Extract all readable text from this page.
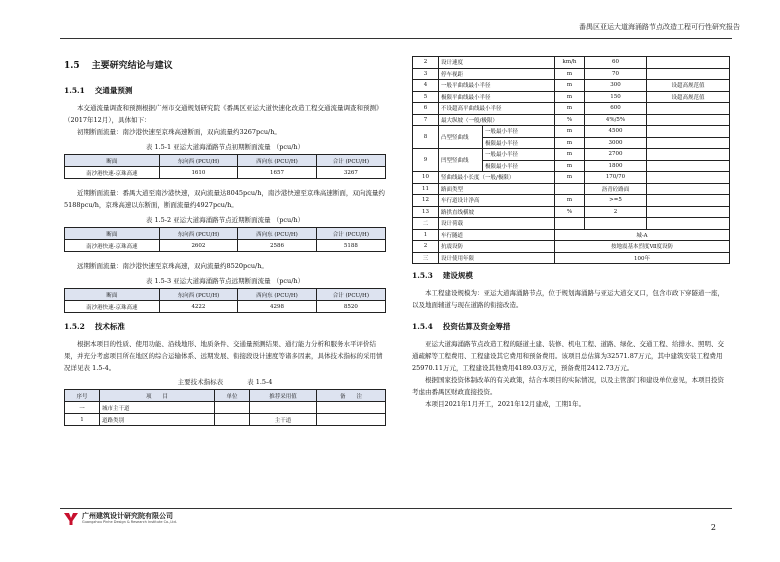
番禺区亚运大道海涌路节点改造工程可行性研究报告
1.5 主要研究结论与建议
1.5.1 交通量预测

本交通流量调查和预测根据广州市交通规划研究院《番禺区亚运大道快速化改造工程交通流量调查和预测》（2017年12月），具体如下：

初期断面流量：南沙港快速至京珠高速断面，双向流量约3267pcu/h。

表 1.5-1 亚运大道海涌路节点初期断面流量 （pcu/h）
断面	东向西 (PCU/H)	西向东 (PCU/H)	合计 (PCU/H)
南沙港快速-京珠高速	1610	1657	3267

近期断面流量：番禺大道至南沙港快速，双向流量达8045pcu/h，南沙港快速至京珠高速断面，双向流量约5188pcu/h，京珠高速以东断面，断面流量约4927pcu/h。

表 1.5-2 亚运大道海涌路节点近期断面流量 （pcu/h）
断面	东向西 (PCU/H)	西向东 (PCU/H)	合计 (PCU/H)
南沙港快速-京珠高速	2602	2586	5188

远期断面流量：南沙港快速至京珠高速，双向流量约8520pcu/h。

表 1.5-3 亚运大道海涌路节点远期断面流量 （pcu/h）
断面	东向西 (PCU/H)	西向东 (PCU/H)	合计 (PCU/H)
南沙港快速-京珠高速	4222	4298	8520
1.5.2 技术标准

根据本项目的性质、使用功能、沿线地形、地质条件、交通量预测结果、通行能力分析和服务水平评价结果，并充分考虑项目所在地区的综合运输体系、远期发展、衔接段设计速度等诸多因素，具体技术指标的采用情况详见表 1.5-4。

主要技术指标表	表 1.5-4
序号	项　　目	单位	推荐采用值	备　　注
一	城市主干道			
1	道路类别		主干道	
2	设计速度		km/h	60	
3	停车视距		m	70	
4	一般平曲线最小半径		m	300	设超高规范值
5	极限平曲线最小半径		m	150	设超高规范值
6	不设超高平曲线最小半径		m	600	
7	最大纵坡（一般/极限）		%	4%/5%	
8	凸型竖曲线	一般最小半径	m	4500	
		极限最小半径	m	3000	
9	凹型竖曲线	一般最小半径	m	2700	
		极限最小半径	m	1800	
10	竖曲线最小长度（一般/极限）		m	170/70	
11	路面类型			沥青砼路面	
12	车行道设计净高		m	>=5	
13	路拱直线横坡		%	2	
二	设计荷载				
1	车行隧道		城-A		
2	抗震设防		按地震基本烈度Ⅶ度设防		
三	设计使用年限		100年		
1.5.3 建设规模

本工程建设规模为：亚运大道海涌路节点，位于规划海涌路与亚运大道交叉口，包含市政下穿隧道一座，以及地面辅道与现在道路的衔接改造。

1.5.4 投资估算及资金筹措

亚运大道海涌路节点改造工程的隧道土建、装修、机电工程、道路、绿化、交通工程、给排水、照明、交通疏解等工程费用、工程建设其它费用和预备费用。该项目总估算为32571.87万元，其中建筑安装工程费用25970.11万元，工程建设其他费用4189.03万元，预备费用2412.73万元。

根据国家投资体制改革的有关政策，结合本项目的实际情况，以及主管部门和建设单位意见，本项目投资考虑由番禺区财政直接投资。

本项目2021年1月开工，2021年12月建成，工期1年。

广州建筑设计研究院有限公司
Guangzhou Pinhe Design & Research Institute Co.,Ltd.
2
